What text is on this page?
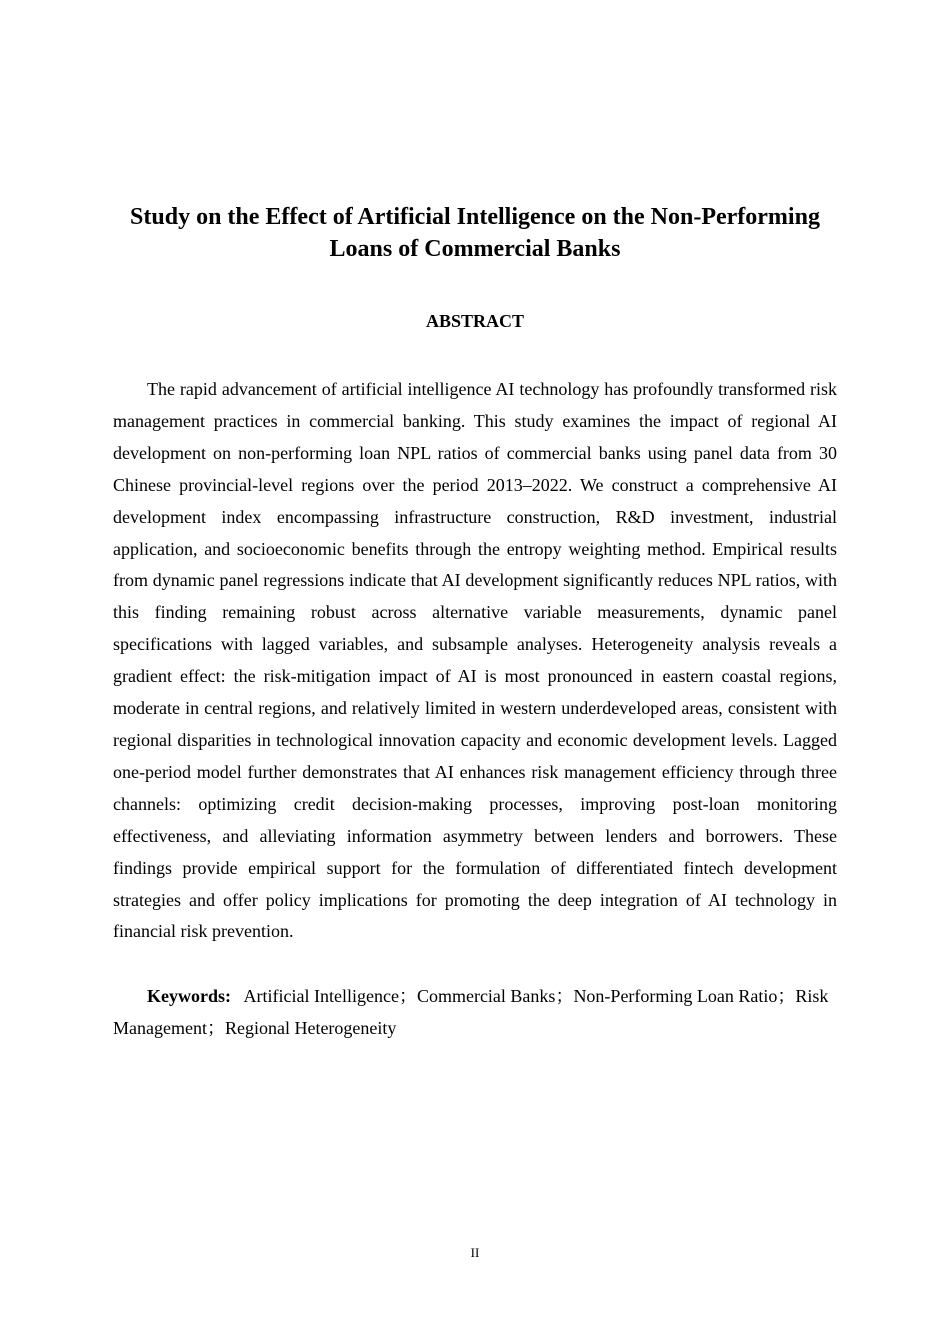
Study on the Effect of Artificial Intelligence on the Non-Performing Loans of Commercial Banks
ABSTRACT

The rapid advancement of artificial intelligence AI technology has profoundly transformed risk management practices in commercial banking. This study examines the impact of regional AI development on non-performing loan NPL ratios of commercial banks using panel data from 30 Chinese provincial-level regions over the period 2013–2022. We construct a comprehensive AI development index encompassing infrastructure construction, R&D investment, industrial application, and socioeconomic benefits through the entropy weighting method. Empirical results from dynamic panel regressions indicate that AI development significantly reduces NPL ratios, with this finding remaining robust across alternative variable measurements, dynamic panel specifications with lagged variables, and subsample analyses. Heterogeneity analysis reveals a gradient effect: the risk-mitigation impact of AI is most pronounced in eastern coastal regions, moderate in central regions, and relatively limited in western underdeveloped areas, consistent with regional disparities in technological innovation capacity and economic development levels. Lagged one-period model further demonstrates that AI enhances risk management efficiency through three channels: optimizing credit decision-making processes, improving post-loan monitoring effectiveness, and alleviating information asymmetry between lenders and borrowers. These findings provide empirical support for the formulation of differentiated fintech development strategies and offer policy implications for promoting the deep integration of AI technology in financial risk prevention.

Keywords: Artificial Intelligence；Commercial Banks；Non-Performing Loan Ratio；Risk Management；Regional Heterogeneity

II
